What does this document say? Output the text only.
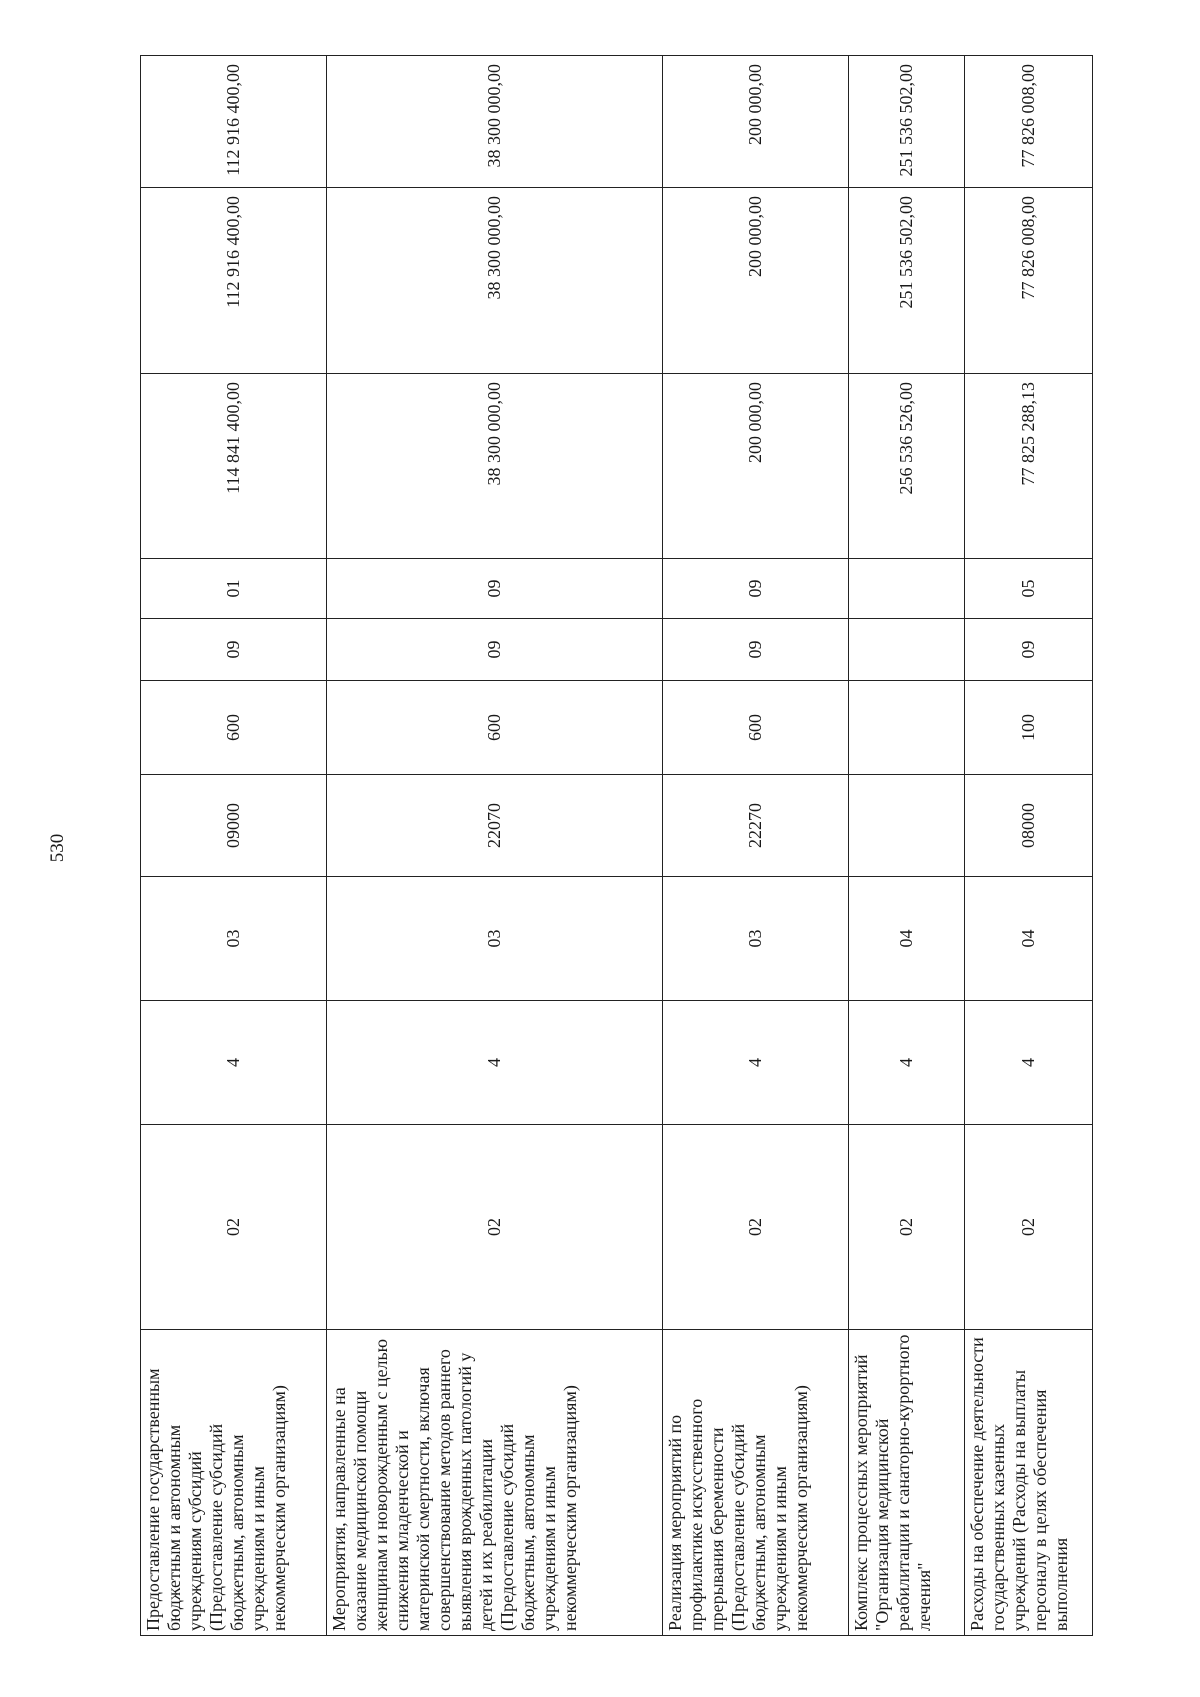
530
Предоставление государственным бюджетным и автономным учреждениям субсидий (Предоставление субсидий бюджетным, автономным учреждениям и иным некоммерческим организациям)	02	4	03	09000	600	09	01	114 841 400,00	112 916 400,00	112 916 400,00
Мероприятия, направленные на оказание медицинской помощи женщинам и новорожденным с целью снижения младенческой и материнской смертности, включая совершенствование методов раннего выявления врожденных патологий у детей и их реабилитации (Предоставление субсидий бюджетным, автономным учреждениям и иным некоммерческим организациям)	02	4	03	22070	600	09	09	38 300 000,00	38 300 000,00	38 300 000,00
Реализация мероприятий по профилактике искусственного прерывания беременности (Предоставление субсидий бюджетным, автономным учреждениям и иным некоммерческим организациям)	02	4	03	22270	600	09	09	200 000,00	200 000,00	200 000,00
Комплекс процессных мероприятий "Организация медицинской реабилитации и санаторно-курортного лечения"	02	4	04					256 536 526,00	251 536 502,00	251 536 502,00
Расходы на обеспечение деятельности государственных казенных учреждений (Расходы на выплаты персоналу в целях обеспечения выполнения	02	4	04	08000	100	09	05	77 825 288,13	77 826 008,00	77 826 008,00
